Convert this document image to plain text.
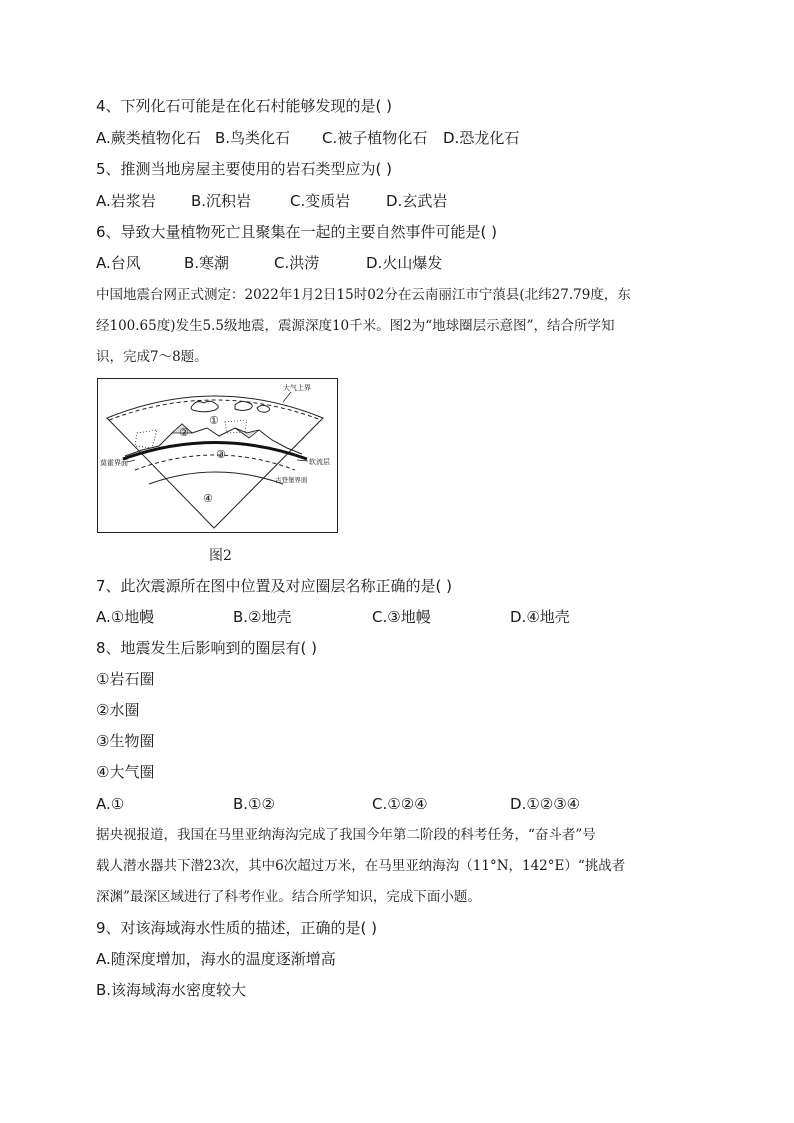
4、下列化石可能是在化石村能够发现的是( )
A.蕨类植物化石 B.鸟类化石 C.被子植物化石 D.恐龙化石
5、推测当地房屋主要使用的岩石类型应为( )
A.岩浆岩 B.沉积岩	C.变质岩 D.玄武岩
6、导致大量植物死亡且聚集在一起的主要自然事件可能是( )
A.台风	B.寒潮	C.洪涝	D.火山爆发
中国地震台网正式测定：2022年1月2日15时02分在云南丽江市宁蒗县(北纬27.79度，东
经100.65度)发生5.5级地震，震源深度10千米。图2为“地球圈层示意图”，结合所学知
识，完成7～8题。
①
②
③
④
大气上界
莫霍界面	软流层
古登堡界面
图2
7、此次震源所在图中位置及对应圈层名称正确的是( )
A.①地幔	B.②地壳	C.③地幔	D.④地壳
8、地震发生后影响到的圈层有( )
①岩石圈
②水圈
③生物圈
④大气圈
A.①	B.①②	C.①②④	D.①②③④
据央视报道，我国在马里亚纳海沟完成了我国今年第二阶段的科考任务，“奋斗者”号
载人潜水器共下潜23次，其中6次超过万米，在马里亚纳海沟（11°N，142°E）“挑战者
深渊”最深区域进行了科考作业。结合所学知识，完成下面小题。
9、对该海域海水性质的描述，正确的是( )
A.随深度增加，海水的温度逐渐增高
B.该海域海水密度较大
